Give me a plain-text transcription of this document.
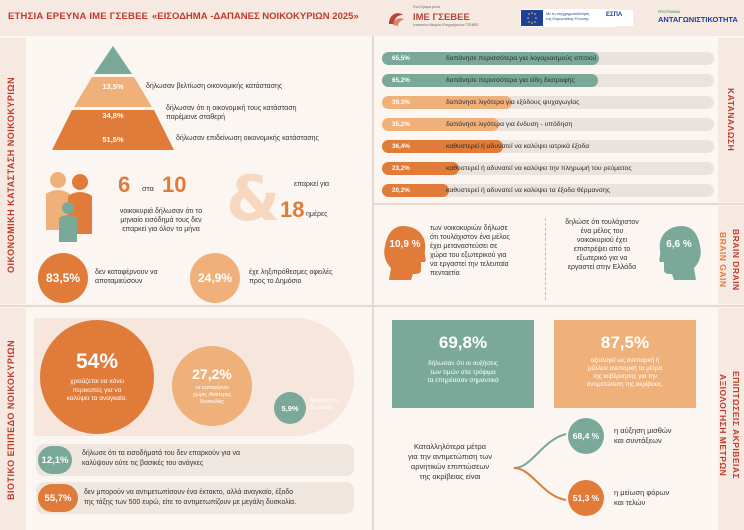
ΕΤΗΣΙΑ ΕΡΕΥΝΑ ΙΜΕ ΓΣΕΒΕΕ «ΕΙΣΟΔΗΜΑ -ΔΑΠΑΝΕΣ ΝΟΙΚΟΚΥΡΙΩΝ 2025»
Ένα Όραμα μέσα
ΙΜΕ ΓΣΕΒΕΕ
Ινστιτούτο Μικρών Επιχειρήσεων ΓΣΕΒΕΕ
Με τη συγχρηματοδότηση της Ευρωπαϊκής Ένωσης
ΕΣΠΑ	ΠΡΟΓΡΑΜΜΑ
ΑΝΤΑΓΩΝΙΣΤΙΚΟΤΗΤΑ
ΟΙΚΟΝΟΜΙΚΗ ΚΑΤΑΣΤΑΣΗ ΝΟΙΚΟΚΥΡΙΩΝ
ΒΙΟΤΙΚΟ ΕΠΙΠΕΔΟ ΝΟΙΚΟΚΥΡΙΩΝ
ΚΑΤΑΝΑΛΩΣΗ
BRAIN DRAIN
BRAIN GAIN
ΕΠΙΠΤΩΣΕΙΣ ΑΚΡΙΒΕΙΑΣ
ΑΞΙΟΛΟΓΗΣΗ ΜΕΤΡΩΝ
13,5%
34,8%
51,5%
δήλωσαν βελτίωση οικονομικής κατάστασης
δήλωσαν ότι η οικονομική τους κατάσταση
παρέμεινε σταθερή
δήλωσαν επιδείνωση οικονομικής κατάστασης
6 στα 10
νοικοκυριά δήλωσαν ότι το
μηνιαίο εισόδημά τους δεν
επαρκεί για όλον το μήνα & επαρκεί για
18 ημέρες
83,5% δεν καταφέρνουν να
αποταμιεύσουν	24,9% έχε ληξιπρόθεσμες οφειλές
προς το Δημόσιο
65,5%	δαπάνησε περισσότερα για λογαριασμούς σπιτιού
65,2%	δαπάνησε περισσότερα για είδη διατροφής
39,3%	δαπάνησε λιγότερα για εξόδους ψυχαγωγίας
35,2%	δαπάνησε λιγότερα για ένδυση - υπόδηση
36,4%	καθυστερεί ή αδυνατεί να καλύψει ιατρικά έξοδα
23,2%	καθυστερεί ή αδυνατεί να καλύψει την πληρωμή του ρεύματος
20,2%	καθυστερεί ή αδυνατεί να καλύψει τα έξοδα θέρμανσης
10,9 %
των νοικοκυριών δήλωσε
ότι τουλάχιστον ένα μέλος
έχει μεταναστεύσει σε
χώρα του εξωτερικού για
να εργαστεί την τελευταία
πενταετία
δηλώσε ότι τουλάχιστον
ένα μέλος του
νοικοκυριού έχει
επιστρέψει από το
εξωτερικό για να
εργαστεί στην Ελλάδα
6,6 %
54%
χρειάζεται να κάνει
περικοπές για να
καλύψει τα αναγκαία.
27,2%
τα καταφέρνει
χωρίς ιδιαίτερες
δυσκολίες
5,9%
δηλώσε ότι
ζει άνετα
12,1%
δήλωσε ότι τα εισοδήματά του δεν επαρκούν για να
καλύψουν ούτε τις βασικές του ανάγκες
55,7% δεν μπορούν να αντιμετωπίσουν ένα έκτακτο, αλλά αναγκαίο, έξοδο
της τάξης των 500 ευρώ, είτε το αντιμετωπίζουν με μεγάλη δυσκολία.
69,8%
δήλωσαν ότι οι αυξήσεις
των τιμών στα τρόφιμα
τα επηρέασαν σημαντικά
87,5%
αξιολογεί ως ανεπαρκή ή
μάλλον ανεπαρκή τα μέτρα
της κυβέρνησης για την
αντιμετώπιση της ακρίβειας.
Καταλληλότερα μέτρα
για την αντιμετώπιση των
αρνητικών επιπτώσεων
της ακρίβειας είναι
68,4 %
η αύξηση μισθών
και συντάξεων
51,3 %
η μείωση φόρων
και τελών
